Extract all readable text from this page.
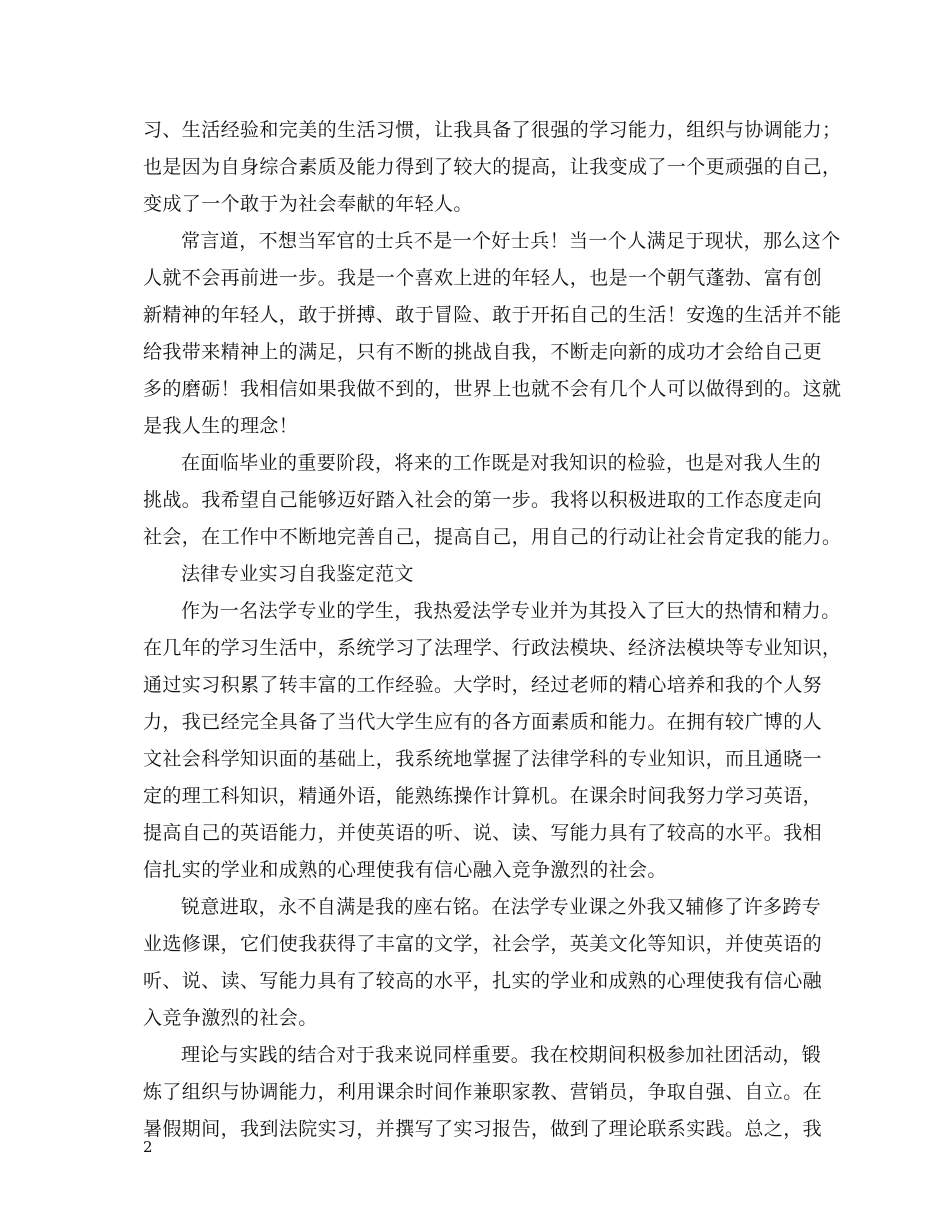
习、生活经验和完美的生活习惯，让我具备了很强的学习能力，组织与协调能力；
也是因为自身综合素质及能力得到了较大的提高，让我变成了一个更顽强的自己，
变成了一个敢于为社会奉献的年轻人。
常言道，不想当军官的士兵不是一个好士兵！当一个人满足于现状，那么这个
人就不会再前进一步。我是一个喜欢上进的年轻人，也是一个朝气蓬勃、富有创
新精神的年轻人，敢于拼搏、敢于冒险、敢于开拓自己的生活！安逸的生活并不能
给我带来精神上的满足，只有不断的挑战自我，不断走向新的成功才会给自己更
多的磨砺！我相信如果我做不到的，世界上也就不会有几个人可以做得到的。这就
是我人生的理念！
在面临毕业的重要阶段，将来的工作既是对我知识的检验，也是对我人生的
挑战。我希望自己能够迈好踏入社会的第一步。我将以积极进取的工作态度走向
社会，在工作中不断地完善自己，提高自己，用自己的行动让社会肯定我的能力。
法律专业实习自我鉴定范文
作为一名法学专业的学生，我热爱法学专业并为其投入了巨大的热情和精力。
在几年的学习生活中，系统学习了法理学、行政法模块、经济法模块等专业知识，
通过实习积累了转丰富的工作经验。大学时，经过老师的精心培养和我的个人努
力，我已经完全具备了当代大学生应有的各方面素质和能力。在拥有较广博的人
文社会科学知识面的基础上，我系统地掌握了法律学科的专业知识，而且通晓一
定的理工科知识，精通外语，能熟练操作计算机。在课余时间我努力学习英语，
提高自己的英语能力，并使英语的听、说、读、写能力具有了较高的水平。我相
信扎实的学业和成熟的心理使我有信心融入竞争激烈的社会。
锐意进取，永不自满是我的座右铭。在法学专业课之外我又辅修了许多跨专
业选修课，它们使我获得了丰富的文学，社会学，英美文化等知识，并使英语的
听、说、读、写能力具有了较高的水平，扎实的学业和成熟的心理使我有信心融
入竞争激烈的社会。
理论与实践的结合对于我来说同样重要。我在校期间积极参加社团活动，锻
炼了组织与协调能力，利用课余时间作兼职家教、营销员，争取自强、自立。在
暑假期间，我到法院实习，并撰写了实习报告，做到了理论联系实践。总之，我
2
